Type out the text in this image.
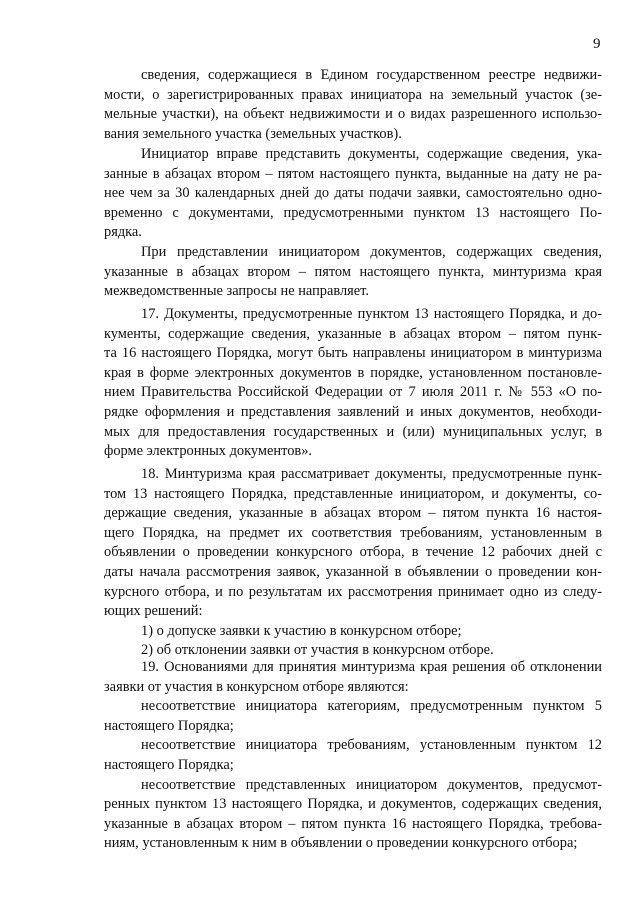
9

сведения, содержащиеся в Едином государственном реестре недвижи-
мости, о зарегистрированных правах инициатора на земельный участок (зе-
мельные участки), на объект недвижимости и о видах разрешенного использо-
вания земельного участка (земельных участков).

Инициатор вправе представить документы, содержащие сведения, ука-
занные в абзацах втором – пятом настоящего пункта, выданные на дату не ра-
нее чем за 30 календарных дней до даты подачи заявки, самостоятельно одно-
временно с документами, предусмотренными пунктом 13 настоящего По-
рядка.

При представлении инициатором документов, содержащих сведения,
указанные в абзацах втором – пятом настоящего пункта, минтуризма края
межведомственные запросы не направляет.

17. Документы, предусмотренные пунктом 13 настоящего Порядка, и до-
кументы, содержащие сведения, указанные в абзацах втором – пятом пунк-
та 16 настоящего Порядка, могут быть направлены инициатором в минтуризма
края в форме электронных документов в порядке, установленном постановле-
нием Правительства Российской Федерации от 7 июля 2011 г. № 553 «О по-
рядке оформления и представления заявлений и иных документов, необходи-
мых для предоставления государственных и (или) муниципальных услуг, в
форме электронных документов».

18. Минтуризма края рассматривает документы, предусмотренные пунк-
том 13 настоящего Порядка, представленные инициатором, и документы, со-
держащие сведения, указанные в абзацах втором – пятом пункта 16 настоя-
щего Порядка, на предмет их соответствия требованиям, установленным в
объявлении о проведении конкурсного отбора, в течение 12 рабочих дней с
даты начала рассмотрения заявок, указанной в объявлении о проведении кон-
курсного отбора, и по результатам их рассмотрения принимает одно из следу-
ющих решений:
1) о допуске заявки к участию в конкурсном отборе;
2) об отклонении заявки от участия в конкурсном отборе.

19. Основаниями для принятия минтуризма края решения об отклонении
заявки от участия в конкурсном отборе являются:
несоответствие инициатора категориям, предусмотренным пунктом 5
настоящего Порядка;
несоответствие инициатора требованиям, установленным пунктом 12
настоящего Порядка;
несоответствие представленных инициатором документов, предусмот-
ренных пунктом 13 настоящего Порядка, и документов, содержащих сведения,
указанные в абзацах втором – пятом пункта 16 настоящего Порядка, требова-
ниям, установленным к ним в объявлении о проведении конкурсного отбора;
